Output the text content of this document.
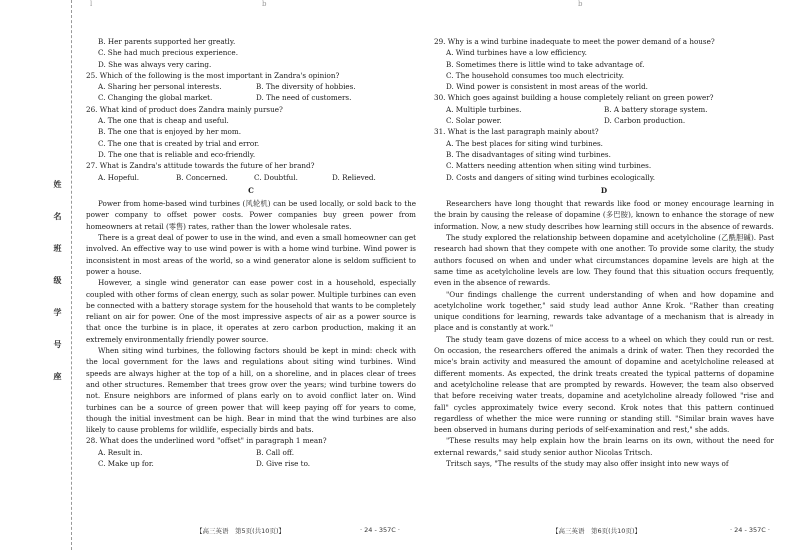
姓
名
班
级
学
号
座
l	b	b
B. Her parents supported her greatly.
C. She had much precious experience.
D. She was always very caring.
25. Which of the following is the most important in Zandra's opinion?
A. Sharing her personal interests.	B. The diversity of hobbies.
C. Changing the global market.	D. The need of customers.
26. What kind of product does Zandra mainly pursue?
A. The one that is cheap and useful.
B. The one that is enjoyed by her mom.
C. The one that is created by trial and error.
D. The one that is reliable and eco-friendly.
27. What is Zandra's attitude towards the future of her brand?
A. Hopeful.	B. Concerned.	C. Doubtful.	D. Relieved.
C
Power from home-based wind turbines (风轮机) can be used locally, or sold back to the power company to offset power costs. Power companies buy green power from homeowners at retail (零售) rates, rather than the lower wholesale rates.
There is a great deal of power to use in the wind, and even a small homeowner can get involved. An effective way to use wind power is with a home wind turbine. Wind power is inconsistent in most areas of the world, so a wind generator alone is seldom sufficient to power a house.
However, a single wind generator can ease power cost in a household, especially coupled with other forms of clean energy, such as solar power. Multiple turbines can even be connected with a battery storage system for the household that wants to be completely reliant on air for power. One of the most impressive aspects of air as a power source is that once the turbine is in place, it operates at zero carbon production, making it an extremely environmentally friendly power source.
When siting wind turbines, the following factors should be kept in mind: check with the local government for the laws and regulations about siting wind turbines. Wind speeds are always higher at the top of a hill, on a shoreline, and in places clear of trees and other structures. Remember that trees grow over the years; wind turbine towers do not. Ensure neighbors are informed of plans early on to avoid conflict later on. Wind turbines can be a source of green power that will keep paying off for years to come, though the initial investment can be high. Bear in mind that the wind turbines are also likely to cause problems for wildlife, especially birds and bats.
28. What does the underlined word "offset" in paragraph 1 mean?
A. Result in.	B. Call off.
C. Make up for.	D. Give rise to.
29. Why is a wind turbine inadequate to meet the power demand of a house?
A. Wind turbines have a low efficiency.
B. Sometimes there is little wind to take advantage of.
C. The household consumes too much electricity.
D. Wind power is consistent in most areas of the world.
30. Which goes against building a house completely reliant on green power?
A. Multiple turbines.	B. A battery storage system.
C. Solar power.	D. Carbon production.
31. What is the last paragraph mainly about?
A. The best places for siting wind turbines.
B. The disadvantages of siting wind turbines.
C. Matters needing attention when siting wind turbines.
D. Costs and dangers of siting wind turbines ecologically.
D
Researchers have long thought that rewards like food or money encourage learning in the brain by causing the release of dopamine (多巴胺), known to enhance the storage of new information. Now, a new study describes how learning still occurs in the absence of rewards.
The study explored the relationship between dopamine and acetylcholine (乙酰胆碱). Past research had shown that they compete with one another. To provide some clarity, the study authors focused on when and under what circumstances dopamine levels are high at the same time as acetylcholine levels are low. They found that this situation occurs frequently, even in the absence of rewards.
"Our findings challenge the current understanding of when and how dopamine and acetylcholine work together," said study lead author Anne Krok. "Rather than creating unique conditions for learning, rewards take advantage of a mechanism that is already in place and is constantly at work."
The study team gave dozens of mice access to a wheel on which they could run or rest. On occasion, the researchers offered the animals a drink of water. Then they recorded the mice's brain activity and measured the amount of dopamine and acetylcholine released at different moments. As expected, the drink treats created the typical patterns of dopamine and acetylcholine release that are prompted by rewards. However, the team also observed that before receiving water treats, dopamine and acetylcholine already followed "rise and fall" cycles approximately twice every second. Krok notes that this pattern continued regardless of whether the mice were running or standing still. "Similar brain waves have been observed in humans during periods of self-examination and rest," she adds.
"These results may help explain how the brain learns on its own, without the need for external rewards," said study senior author Nicolas Tritsch.
Tritsch says, "The results of the study may also offer insight into new ways of
【高三英语　第5页(共10页)】	· 24 - 357C ·	【高三英语　第6页(共10页)】	· 24 - 357C ·
